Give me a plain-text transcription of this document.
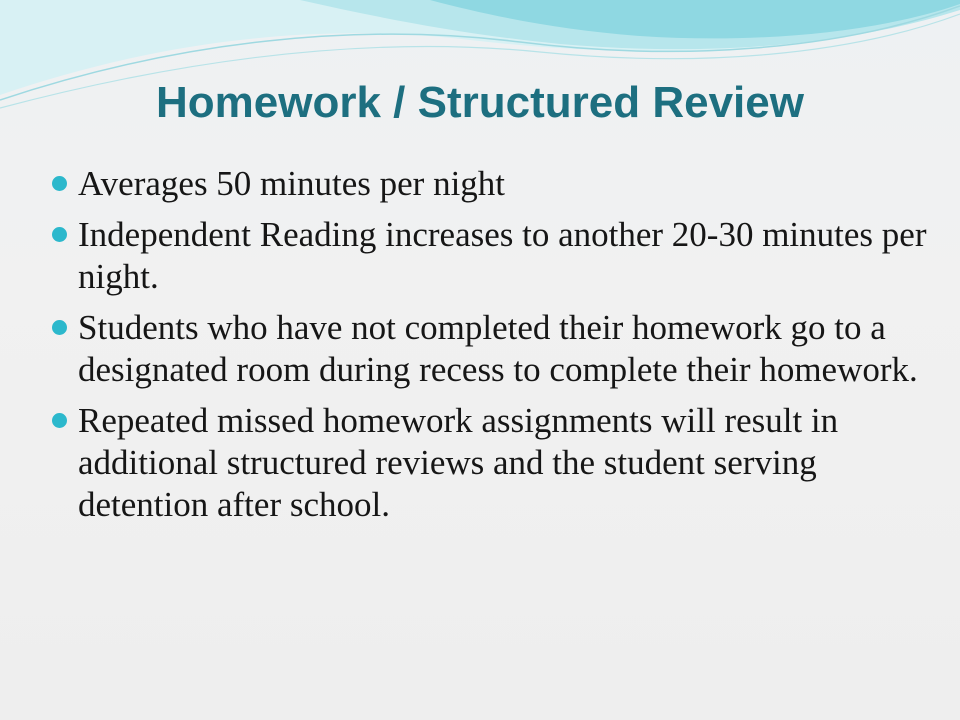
Homework / Structured Review
Averages 50 minutes per night
Independent Reading increases to another 20-30 minutes per night.
Students who have not completed their homework go to a designated room during recess to complete their homework.
Repeated missed homework assignments will result in additional structured reviews and the student serving detention after school.
